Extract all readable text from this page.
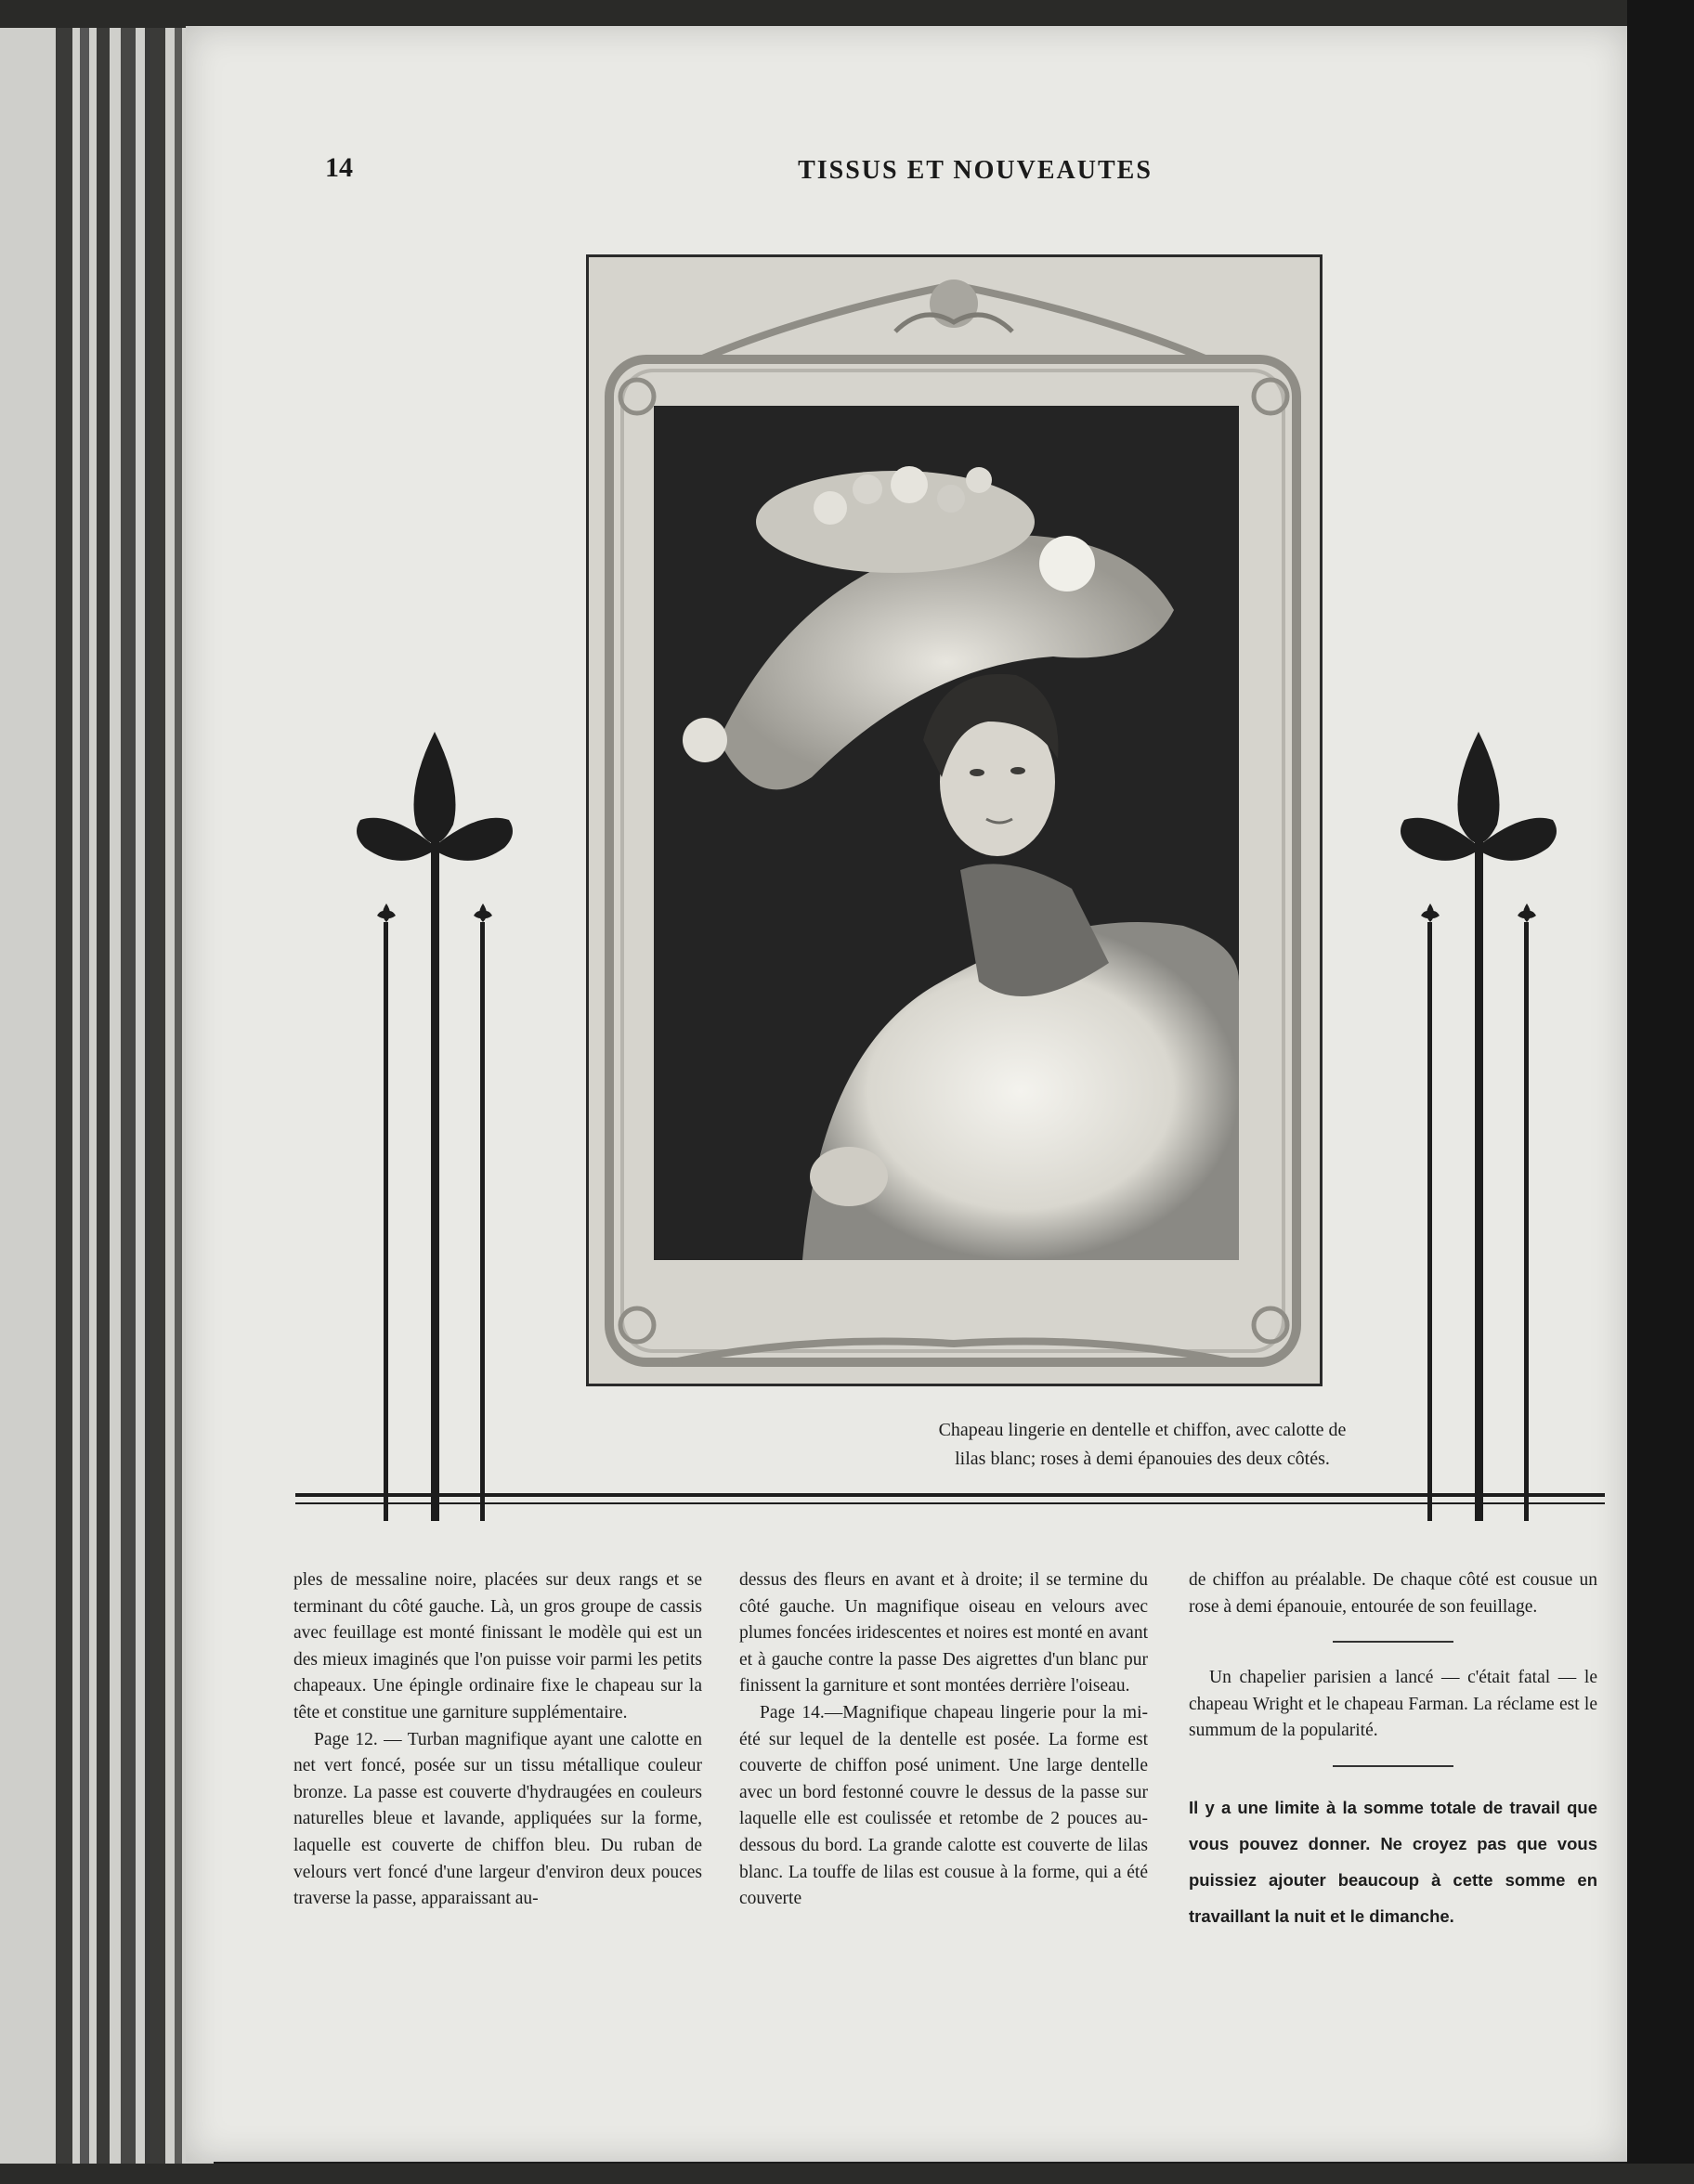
14	TISSUS ET NOUVEAUTES
Chapeau lingerie en dentelle et chiffon, avec calotte de
lilas blanc; roses à demi épanouies des deux côtés.

ples de messaline noire, placées sur deux rangs et se terminant du côté gauche. Là, un gros groupe de cassis avec feuillage est monté finissant le modèle qui est un des mieux imaginés que l'on puisse voir parmi les petits chapeaux. Une épingle ordinaire fixe le chapeau sur la tête et constitue une garniture supplémentaire.

Page 12. — Turban magnifique ayant une calotte en net vert foncé, posée sur un tissu métallique couleur bronze. La passe est couverte d'hydraugées en couleurs naturelles bleue et lavande, appliquées sur la forme, laquelle est couverte de chiffon bleu. Du ruban de velours vert foncé d'une largeur d'environ deux pouces traverse la passe, apparaissant au-

dessus des fleurs en avant et à droite; il se termine du côté gauche. Un magnifique oiseau en velours avec plumes foncées iridescentes et noires est monté en avant et à gauche contre la passe Des aigrettes d'un blanc pur finissent la garniture et sont montées derrière l'oiseau.

Page 14.—Magnifique chapeau lingerie pour la mi-été sur lequel de la dentelle est posée. La forme est couverte de chiffon posé uniment. Une large dentelle avec un bord festonné couvre le dessus de la passe sur laquelle elle est coulissée et retombe de 2 pouces au-dessous du bord. La grande calotte est couverte de lilas blanc. La touffe de lilas est cousue à la forme, qui a été couverte

de chiffon au préalable. De chaque côté est cousue un rose à demi épanouie, entourée de son feuillage.

Un chapelier parisien a lancé — c'était fatal — le chapeau Wright et le chapeau Farman. La réclame est le summum de la popularité.

Il y a une limite à la somme totale de travail que vous pouvez donner. Ne croyez pas que vous puissiez ajouter beaucoup à cette somme en travaillant la nuit et le dimanche.
